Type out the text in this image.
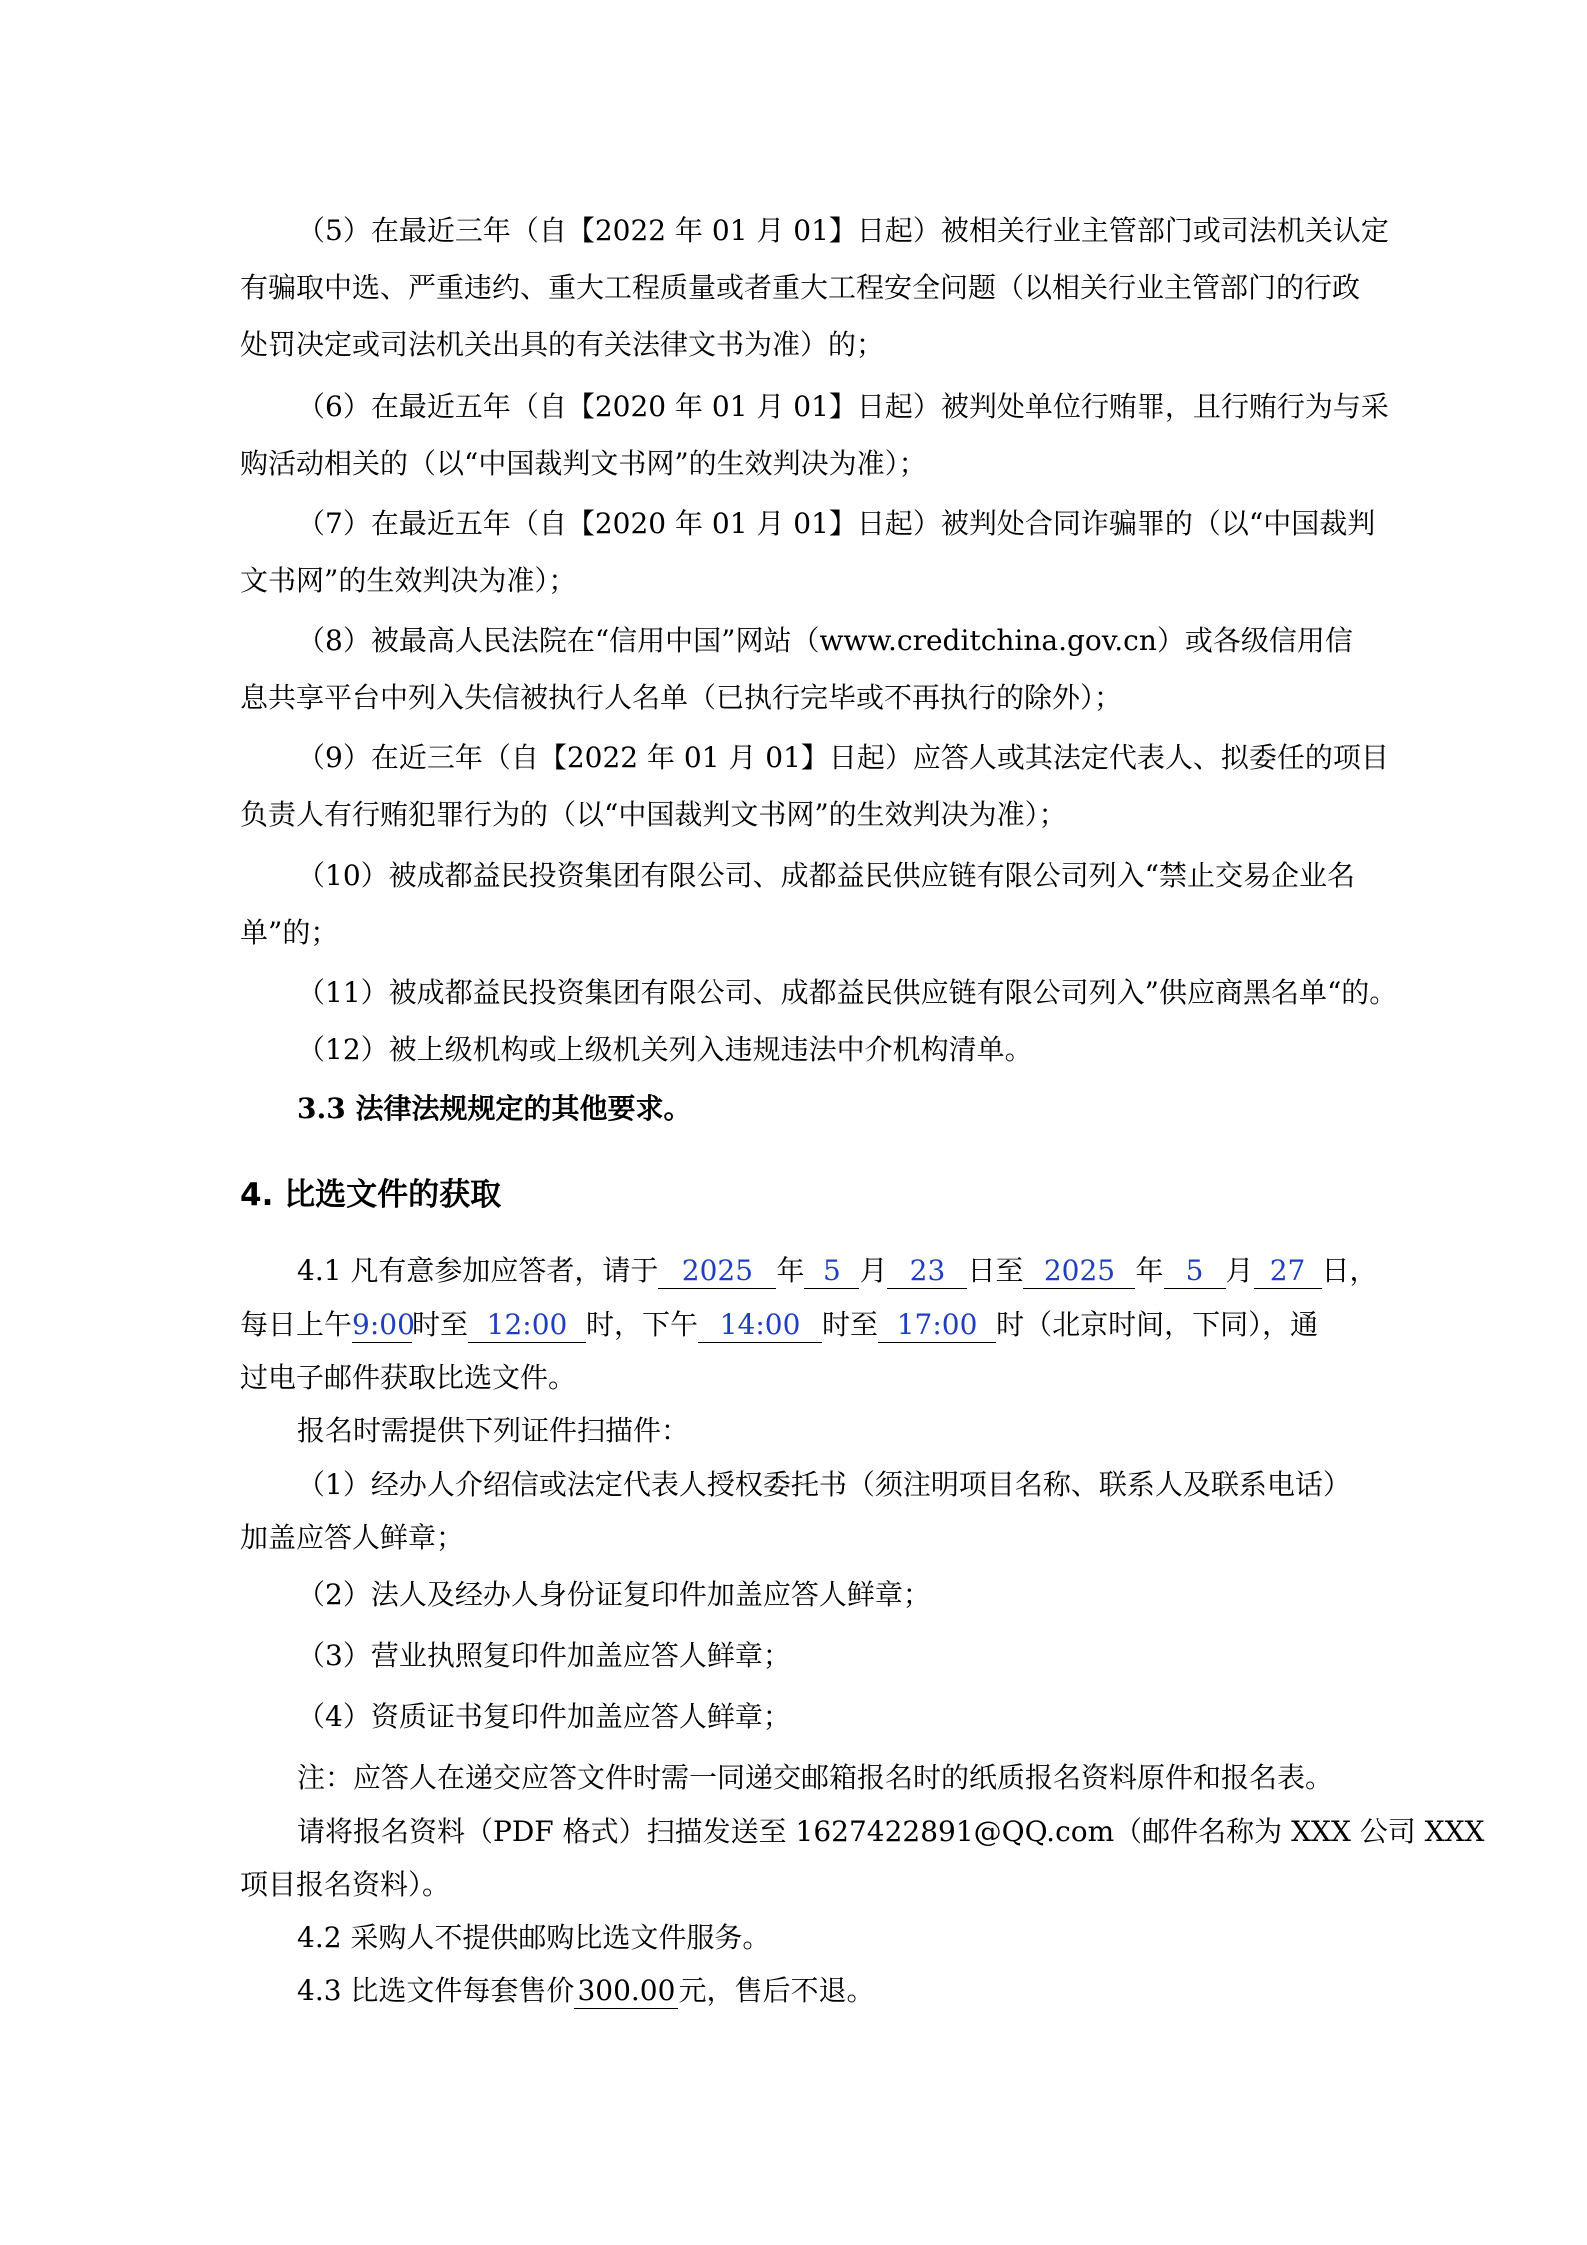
（5）在最近三年（自【2022 年 01 月 01】日起）被相关行业主管部门或司法机关认定
有骗取中选、严重违约、重大工程质量或者重大工程安全问题（以相关行业主管部门的行政
处罚决定或司法机关出具的有关法律文书为准）的；
（6）在最近五年（自【2020 年 01 月 01】日起）被判处单位行贿罪，且行贿行为与采
购活动相关的（以“中国裁判文书网”的生效判决为准）；
（7）在最近五年（自【2020 年 01 月 01】日起）被判处合同诈骗罪的（以“中国裁判
文书网”的生效判决为准）；
（8）被最高人民法院在“信用中国”网站（www.creditchina.gov.cn）或各级信用信
息共享平台中列入失信被执行人名单（已执行完毕或不再执行的除外）；
（9）在近三年（自【2022 年 01 月 01】日起）应答人或其法定代表人、拟委任的项目
负责人有行贿犯罪行为的（以“中国裁判文书网”的生效判决为准）；
（10）被成都益民投资集团有限公司、成都益民供应链有限公司列入“禁止交易企业名
单”的；
（11）被成都益民投资集团有限公司、成都益民供应链有限公司列入”供应商黑名单“的。
（12）被上级机构或上级机关列入违规违法中介机构清单。
3.3 法律法规规定的其他要求。
4. 比选文件的获取
4.1 凡有意参加应答者，请于 2025 年 5 月 23 日至 2025 年 5 月 27 日，
每日上午9:00时至 12:00 时，下午 14:00 时至 17:00 时（北京时间，下同），通
过电子邮件获取比选文件。
报名时需提供下列证件扫描件：
（1）经办人介绍信或法定代表人授权委托书（须注明项目名称、联系人及联系电话）
加盖应答人鲜章；
（2）法人及经办人身份证复印件加盖应答人鲜章；
（3）营业执照复印件加盖应答人鲜章；
（4）资质证书复印件加盖应答人鲜章；
注：应答人在递交应答文件时需一同递交邮箱报名时的纸质报名资料原件和报名表。
请将报名资料（PDF 格式）扫描发送至 1627422891@QQ.com（邮件名称为 XXX 公司 XXX
项目报名资料）。
4.2 采购人不提供邮购比选文件服务。
4.3 比选文件每套售价 300.00 元，售后不退。
